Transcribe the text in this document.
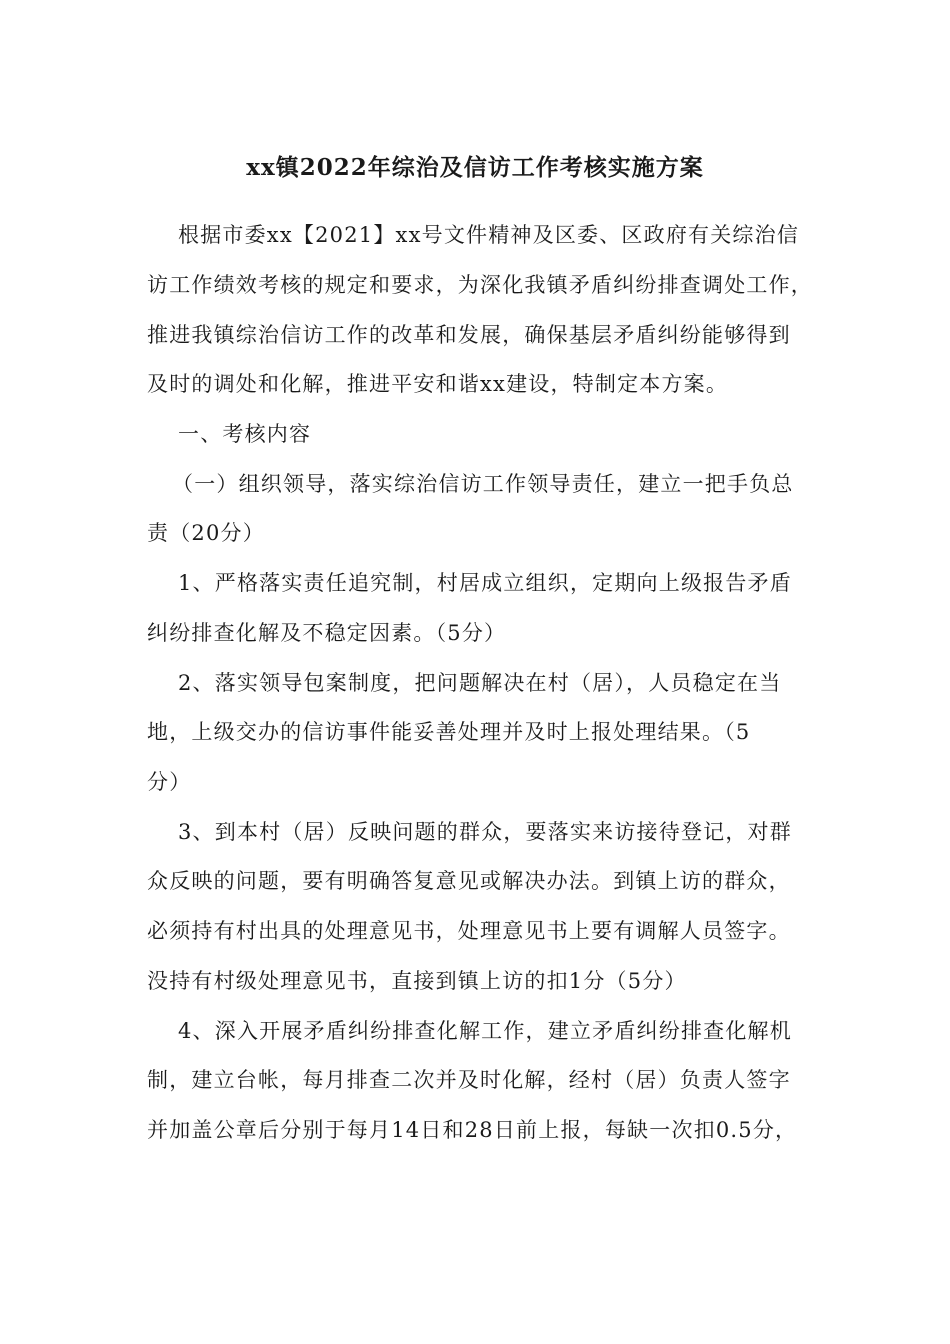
xx镇2022年综治及信访工作考核实施方案
根据市委xx【2021】xx号文件精神及区委、区政府有关综治信
访工作绩效考核的规定和要求，为深化我镇矛盾纠纷排查调处工作，
推进我镇综治信访工作的改革和发展，确保基层矛盾纠纷能够得到
及时的调处和化解，推进平安和谐xx建设，特制定本方案。
一、考核内容
（一）组织领导，落实综治信访工作领导责任，建立一把手负总
责（20分）
1、严格落实责任追究制，村居成立组织，定期向上级报告矛盾
纠纷排查化解及不稳定因素。（5分）
2、落实领导包案制度，把问题解决在村（居），人员稳定在当
地，上级交办的信访事件能妥善处理并及时上报处理结果。（5
分）
3、到本村（居）反映问题的群众，要落实来访接待登记，对群
众反映的问题，要有明确答复意见或解决办法。到镇上访的群众，
必须持有村出具的处理意见书，处理意见书上要有调解人员签字。
没持有村级处理意见书，直接到镇上访的扣1分（5分）
4、深入开展矛盾纠纷排查化解工作，建立矛盾纠纷排查化解机
制，建立台帐，每月排查二次并及时化解，经村（居）负责人签字
并加盖公章后分别于每月14日和28日前上报，每缺一次扣0.5分，
